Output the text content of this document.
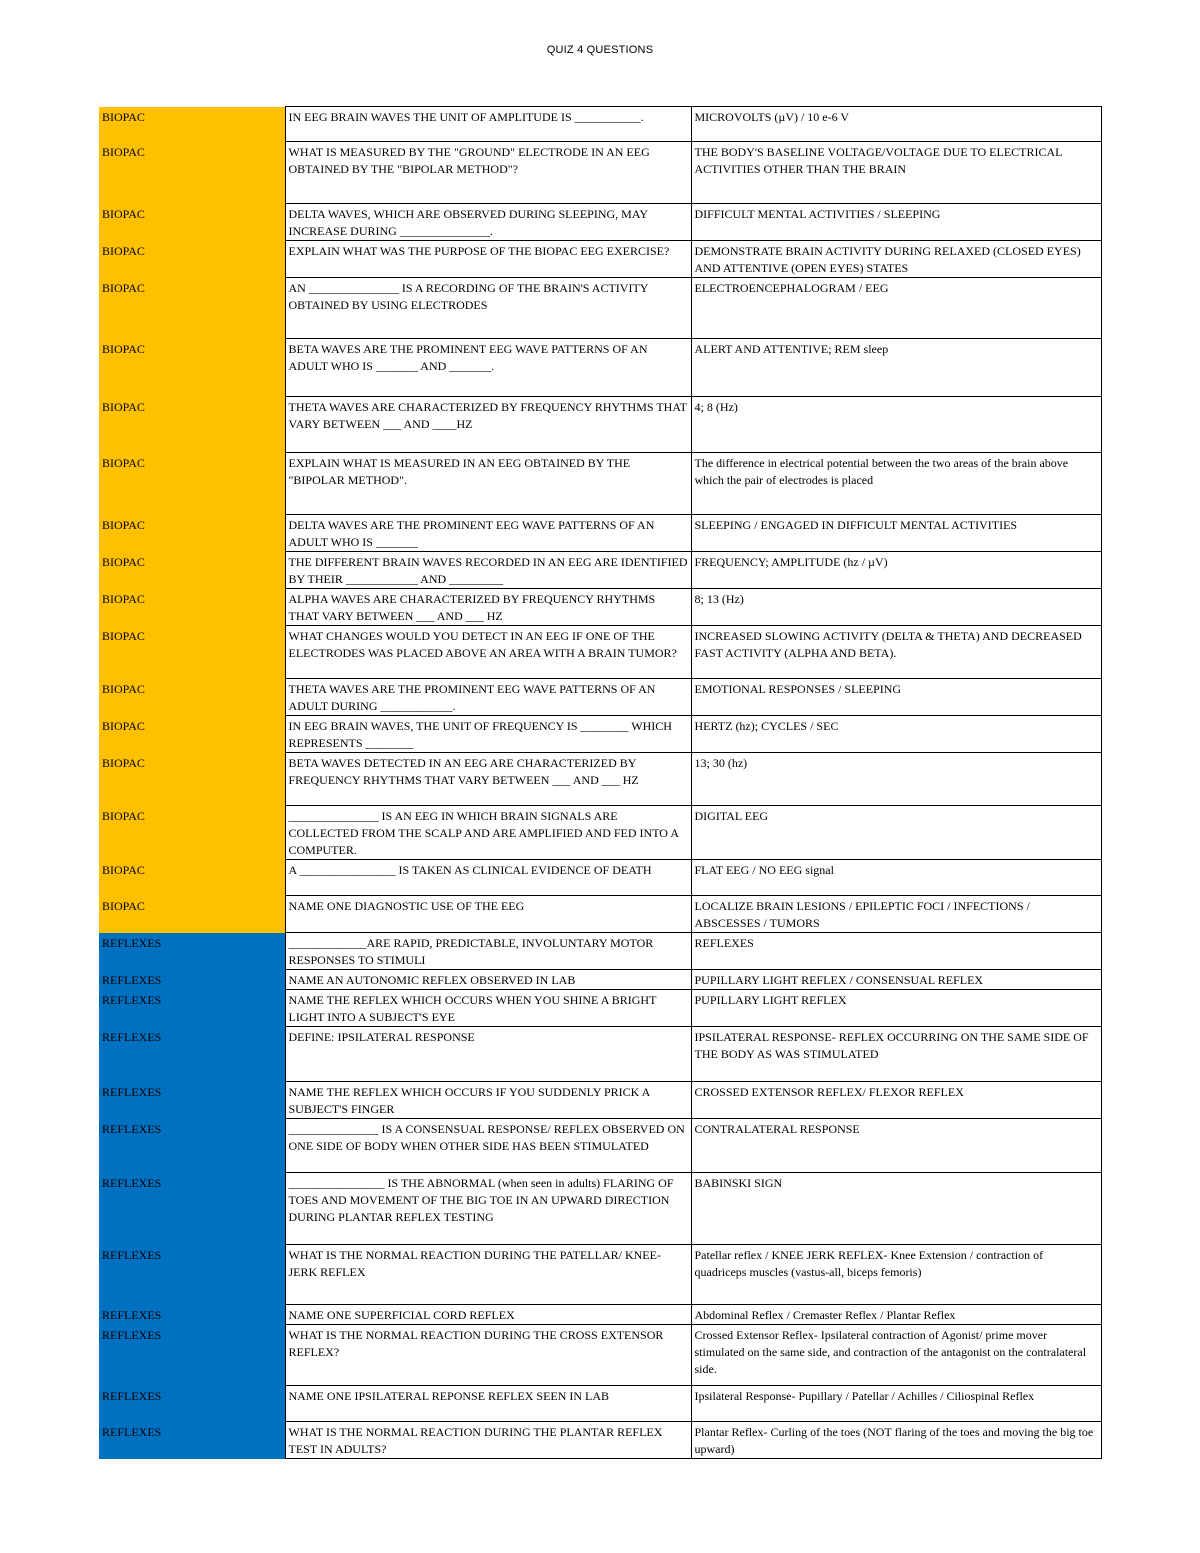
QUIZ 4 QUESTIONS
BIOPAC	IN EEG BRAIN WAVES THE UNIT OF AMPLITUDE IS ___________.	MICROVOLTS (µV) / 10 e-6 V
BIOPAC	WHAT IS MEASURED BY THE "GROUND" ELECTRODE IN AN EEG OBTAINED BY THE "BIPOLAR METHOD"?	THE BODY'S BASELINE VOLTAGE/VOLTAGE DUE TO ELECTRICAL ACTIVITIES OTHER THAN THE BRAIN
BIOPAC	DELTA WAVES, WHICH ARE OBSERVED DURING SLEEPING, MAY INCREASE DURING _______________.	DIFFICULT MENTAL ACTIVITIES / SLEEPING
BIOPAC	EXPLAIN WHAT WAS THE PURPOSE OF THE BIOPAC EEG EXERCISE?	DEMONSTRATE BRAIN ACTIVITY DURING RELAXED (CLOSED EYES) AND ATTENTIVE (OPEN EYES) STATES
BIOPAC	AN _______________ IS A RECORDING OF THE BRAIN'S ACTIVITY OBTAINED BY USING ELECTRODES	ELECTROENCEPHALOGRAM / EEG
BIOPAC	BETA WAVES ARE THE PROMINENT EEG WAVE PATTERNS OF AN ADULT WHO IS _______ AND _______.	ALERT AND ATTENTIVE; REM sleep
BIOPAC	THETA WAVES ARE CHARACTERIZED BY FREQUENCY RHYTHMS THAT VARY BETWEEN ___ AND ____HZ	4; 8 (Hz)
BIOPAC	EXPLAIN WHAT IS MEASURED IN AN EEG OBTAINED BY THE "BIPOLAR METHOD".	The difference in electrical potential between the two areas of the brain above which the pair of electrodes is placed
BIOPAC	DELTA WAVES ARE THE PROMINENT EEG WAVE PATTERNS OF AN ADULT WHO IS _______	SLEEPING / ENGAGED IN DIFFICULT MENTAL ACTIVITIES
BIOPAC	THE DIFFERENT BRAIN WAVES RECORDED IN AN EEG ARE IDENTIFIED BY THEIR ____________ AND _________	FREQUENCY; AMPLITUDE (hz / µV)
BIOPAC	ALPHA WAVES ARE CHARACTERIZED BY FREQUENCY RHYTHMS THAT VARY BETWEEN ___ AND ___ HZ	8; 13 (Hz)
BIOPAC	WHAT CHANGES WOULD YOU DETECT IN AN EEG IF ONE OF THE ELECTRODES WAS PLACED ABOVE AN AREA WITH A BRAIN TUMOR?	INCREASED SLOWING ACTIVITY (DELTA & THETA) AND DECREASED FAST ACTIVITY (ALPHA AND BETA).
BIOPAC	THETA WAVES ARE THE PROMINENT EEG WAVE PATTERNS OF AN ADULT DURING ____________.	EMOTIONAL RESPONSES / SLEEPING
BIOPAC	IN EEG BRAIN WAVES, THE UNIT OF FREQUENCY IS ________ WHICH REPRESENTS ________	HERTZ (hz); CYCLES / SEC
BIOPAC	BETA WAVES DETECTED IN AN EEG ARE CHARACTERIZED BY FREQUENCY RHYTHMS THAT VARY BETWEEN ___ AND ___ HZ	13; 30 (hz)
BIOPAC	_______________ IS AN EEG IN WHICH BRAIN SIGNALS ARE COLLECTED FROM THE SCALP AND ARE AMPLIFIED AND FED INTO A COMPUTER.	DIGITAL EEG
BIOPAC	A ________________ IS TAKEN AS CLINICAL EVIDENCE OF DEATH	FLAT EEG / NO EEG signal
BIOPAC	NAME ONE DIAGNOSTIC USE OF THE EEG	LOCALIZE BRAIN LESIONS / EPILEPTIC FOCI / INFECTIONS / ABSCESSES / TUMORS
REFLEXES	_____________ARE RAPID, PREDICTABLE, INVOLUNTARY MOTOR RESPONSES TO STIMULI	REFLEXES
REFLEXES	NAME AN AUTONOMIC REFLEX OBSERVED IN LAB	PUPILLARY LIGHT REFLEX / CONSENSUAL REFLEX
REFLEXES	NAME THE REFLEX WHICH OCCURS WHEN YOU SHINE A BRIGHT LIGHT INTO A SUBJECT'S EYE	PUPILLARY LIGHT REFLEX
REFLEXES	DEFINE: IPSILATERAL RESPONSE	IPSILATERAL RESPONSE- REFLEX OCCURRING ON THE SAME SIDE OF THE BODY AS WAS STIMULATED
REFLEXES	NAME THE REFLEX WHICH OCCURS IF YOU SUDDENLY PRICK A SUBJECT'S FINGER	CROSSED EXTENSOR REFLEX/ FLEXOR REFLEX
REFLEXES	_______________ IS A CONSENSUAL RESPONSE/ REFLEX OBSERVED ON ONE SIDE OF BODY WHEN OTHER SIDE HAS BEEN STIMULATED	CONTRALATERAL RESPONSE
REFLEXES	________________ IS THE ABNORMAL (when seen in adults) FLARING OF TOES AND MOVEMENT OF THE BIG TOE IN AN UPWARD DIRECTION DURING PLANTAR REFLEX TESTING	BABINSKI SIGN
REFLEXES	WHAT IS THE NORMAL REACTION DURING THE PATELLAR/ KNEE-JERK REFLEX	Patellar reflex / KNEE JERK REFLEX- Knee Extension / contraction of quadriceps muscles (vastus-all, biceps femoris)
REFLEXES	NAME ONE SUPERFICIAL CORD REFLEX	Abdominal Reflex / Cremaster Reflex / Plantar Reflex
REFLEXES	WHAT IS THE NORMAL REACTION DURING THE CROSS EXTENSOR REFLEX?	Crossed Extensor Reflex- Ipsilateral contraction of Agonist/ prime mover stimulated on the same side, and contraction of the antagonist on the contralateral side.
REFLEXES	NAME ONE IPSILATERAL REPONSE REFLEX SEEN IN LAB	Ipsilateral Response- Pupillary / Patellar / Achilles / Ciliospinal Reflex
REFLEXES	WHAT IS THE NORMAL REACTION DURING THE PLANTAR REFLEX TEST IN ADULTS?	Plantar Reflex- Curling of the toes (NOT flaring of the toes and moving the big toe upward)
